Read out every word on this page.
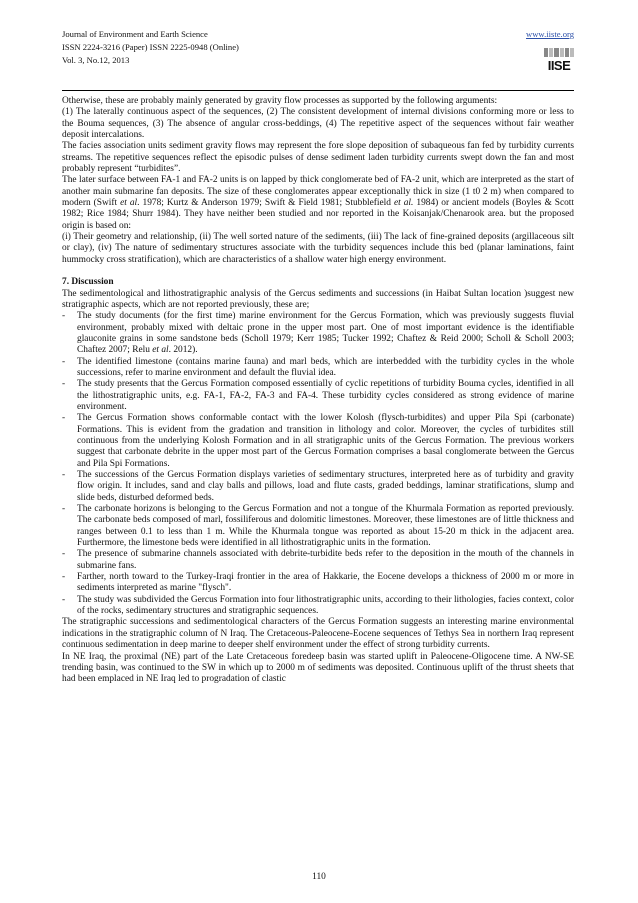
Journal of Environment and Earth Science
ISSN 2224-3216 (Paper) ISSN 2225-0948 (Online)
Vol. 3, No.12, 2013
www.iiste.org
IISE

Otherwise, these are probably mainly generated by gravity flow processes as supported by the following arguments:

(1) The laterally continuous aspect of the sequences, (2) The consistent development of internal divisions conforming more or less to the Bouma sequences, (3) The absence of angular cross-beddings, (4) The repetitive aspect of the sequences without fair weather deposit intercalations.

The facies association units sediment gravity flows may represent the fore slope deposition of subaqueous fan fed by turbidity currents streams. The repetitive sequences reflect the episodic pulses of dense sediment laden turbidity currents swept down the fan and most probably represent “turbidites”.

The later surface between FA-1 and FA-2 units is on lapped by thick conglomerate bed of FA-2 unit, which are interpreted as the start of another main submarine fan deposits. The size of these conglomerates appear exceptionally thick in size (1 t0 2 m) when compared to modern (Swift et al. 1978; Kurtz & Anderson 1979; Swift & Field 1981; Stubblefield et al. 1984) or ancient models (Boyles & Scott 1982; Rice 1984; Shurr 1984). They have neither been studied and nor reported in the Koisanjak/Chenarook area. but the proposed origin is based on:

(i) Their geometry and relationship, (ii) The well sorted nature of the sediments, (iii) The lack of fine-grained deposits (argillaceous silt or clay), (iv) The nature of sedimentary structures associate with the turbidity sequences include this bed (planar laminations, faint hummocky cross stratification), which are characteristics of a shallow water high energy environment.

7. Discussion

The sedimentological and lithostratigraphic analysis of the Gercus sediments and successions (in Haibat Sultan location )suggest new stratigraphic aspects, which are not reported previously, these are;

- The study documents (for the first time) marine environment for the Gercus Formation, which was previously suggests fluvial environment, probably mixed with deltaic prone in the upper most part. One of most important evidence is the identifiable glauconite grains in some sandstone beds (Scholl 1979; Kerr 1985; Tucker 1992; Chaftez & Reid 2000; Scholl & Scholl 2003; Chaftez 2007; Relu et al. 2012).
- The identified limestone (contains marine fauna) and marl beds, which are interbedded with the turbidity cycles in the whole successions, refer to marine environment and default the fluvial idea.
- The study presents that the Gercus Formation composed essentially of cyclic repetitions of turbidity Bouma cycles, identified in all the lithostratigraphic units, e.g. FA-1, FA-2, FA-3 and FA-4. These turbidity cycles considered as strong evidence of marine environment.
- The Gercus Formation shows conformable contact with the lower Kolosh (flysch-turbidites) and upper Pila Spi (carbonate) Formations. This is evident from the gradation and transition in lithology and color. Moreover, the cycles of turbidites still continuous from the underlying Kolosh Formation and in all stratigraphic units of the Gercus Formation. The previous workers suggest that carbonate debrite in the upper most part of the Gercus Formation comprises a basal conglomerate between the Gercus and Pila Spi Formations.
- The successions of the Gercus Formation displays varieties of sedimentary structures, interpreted here as of turbidity and gravity flow origin. It includes, sand and clay balls and pillows, load and flute casts, graded beddings, laminar stratifications, slump and slide beds, disturbed deformed beds.
- The carbonate horizons is belonging to the Gercus Formation and not a tongue of the Khurmala Formation as reported previously. The carbonate beds composed of marl, fossiliferous and dolomitic limestones. Moreover, these limestones are of little thickness and ranges between 0.1 to less than 1 m. While the Khurmala tongue was reported as about 15-20 m thick in the adjacent area. Furthermore, the limestone beds were identified in all lithostratigraphic units in the formation.
- The presence of submarine channels associated with debrite-turbidite beds refer to the deposition in the mouth of the channels in submarine fans.
- Farther, north toward to the Turkey-Iraqi frontier in the area of Hakkarie, the Eocene develops a thickness of 2000 m or more in sediments interpreted as marine "flysch".
- The study was subdivided the Gercus Formation into four lithostratigraphic units, according to their lithologies, facies context, color of the rocks, sedimentary structures and stratigraphic sequences.

The stratigraphic successions and sedimentological characters of the Gercus Formation suggests an interesting marine environmental indications in the stratigraphic column of N Iraq. The Cretaceous-Paleocene-Eocene sequences of Tethys Sea in northern Iraq represent continuous sedimentation in deep marine to deeper shelf environment under the effect of strong turbidity currents.

In NE Iraq, the proximal (NE) part of the Late Cretaceous foredeep basin was started uplift in Paleocene-Oligocene time. A NW-SE trending basin, was continued to the SW in which up to 2000 m of sediments was deposited. Continuous uplift of the thrust sheets that had been emplaced in NE Iraq led to progradation of clastic

110
